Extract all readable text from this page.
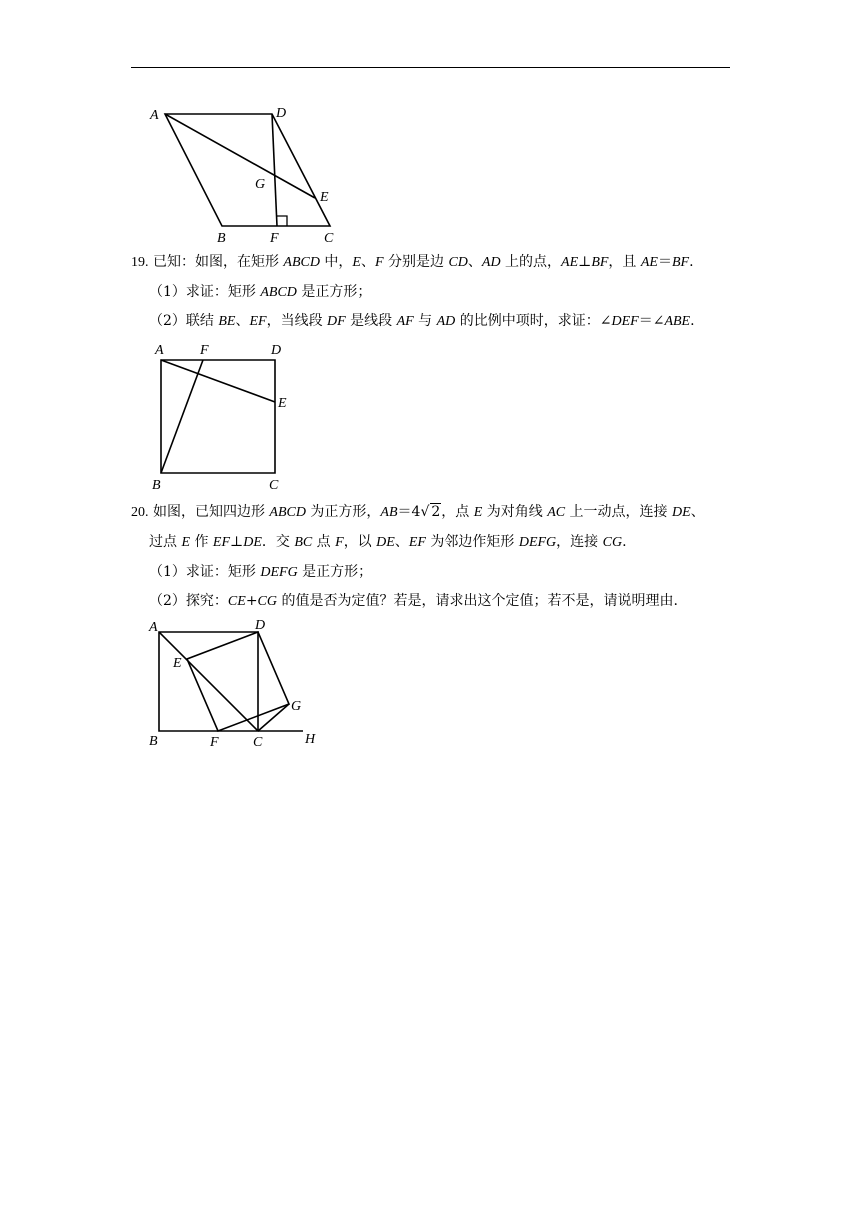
A	D
G
E
B	F	C
19. 已知：如图，在矩形 ABCD 中，E、F 分别是边 CD、AD 上的点，AE⊥BF，且 AE＝BF.
（1）求证：矩形 ABCD 是正方形；
（2）联结 BE、EF，当线段 DF 是线段 AF 与 AD 的比例中项时，求证：∠DEF＝∠ABE.
A	F	D
E
B	C
20. 如图，已知四边形 ABCD 为正方形，AB＝4√ 2，点 E 为对角线 AC 上一动点，连接 DE、
过点 E 作 EF⊥DE．交 BC 点 F，以 DE、EF 为邻边作矩形 DEFG，连接 CG.
（1）求证：矩形 DEFG 是正方形；
（2）探究：CE+CG 的值是否为定值？若是，请求出这个定值；若不是，请说明理由.
A	D
E
G
B	F C	H
